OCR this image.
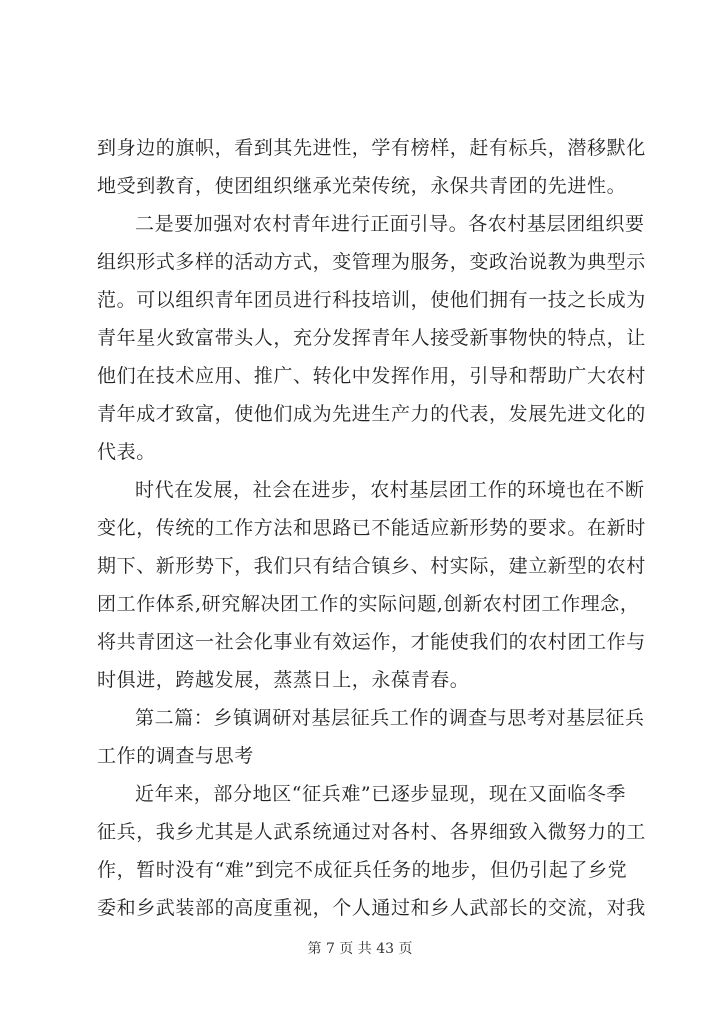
到身边的旗帜，看到其先进性，学有榜样，赶有标兵，潜移默化
地受到教育，使团组织继承光荣传统，永保共青团的先进性。
二是要加强对农村青年进行正面引导。各农村基层团组织要
组织形式多样的活动方式，变管理为服务，变政治说教为典型示
范。可以组织青年团员进行科技培训，使他们拥有一技之长成为
青年星火致富带头人，充分发挥青年人接受新事物快的特点，让
他们在技术应用、推广、转化中发挥作用，引导和帮助广大农村
青年成才致富，使他们成为先进生产力的代表，发展先进文化的
代表。
时代在发展，社会在进步，农村基层团工作的环境也在不断
变化，传统的工作方法和思路已不能适应新形势的要求。在新时
期下、新形势下，我们只有结合镇乡、村实际，建立新型的农村
团工作体系,研究解决团工作的实际问题,创新农村团工作理念，
将共青团这一社会化事业有效运作，才能使我们的农村团工作与
时俱进，跨越发展，蒸蒸日上，永葆青春。
第二篇：乡镇调研对基层征兵工作的调查与思考对基层征兵
工作的调查与思考
近年来，部分地区“征兵难”已逐步显现，现在又面临冬季
征兵，我乡尤其是人武系统通过对各村、各界细致入微努力的工
作，暂时没有“难”到完不成征兵任务的地步，但仍引起了乡党
委和乡武装部的高度重视，个人通过和乡人武部长的交流，对我
第 7 页 共 43 页
